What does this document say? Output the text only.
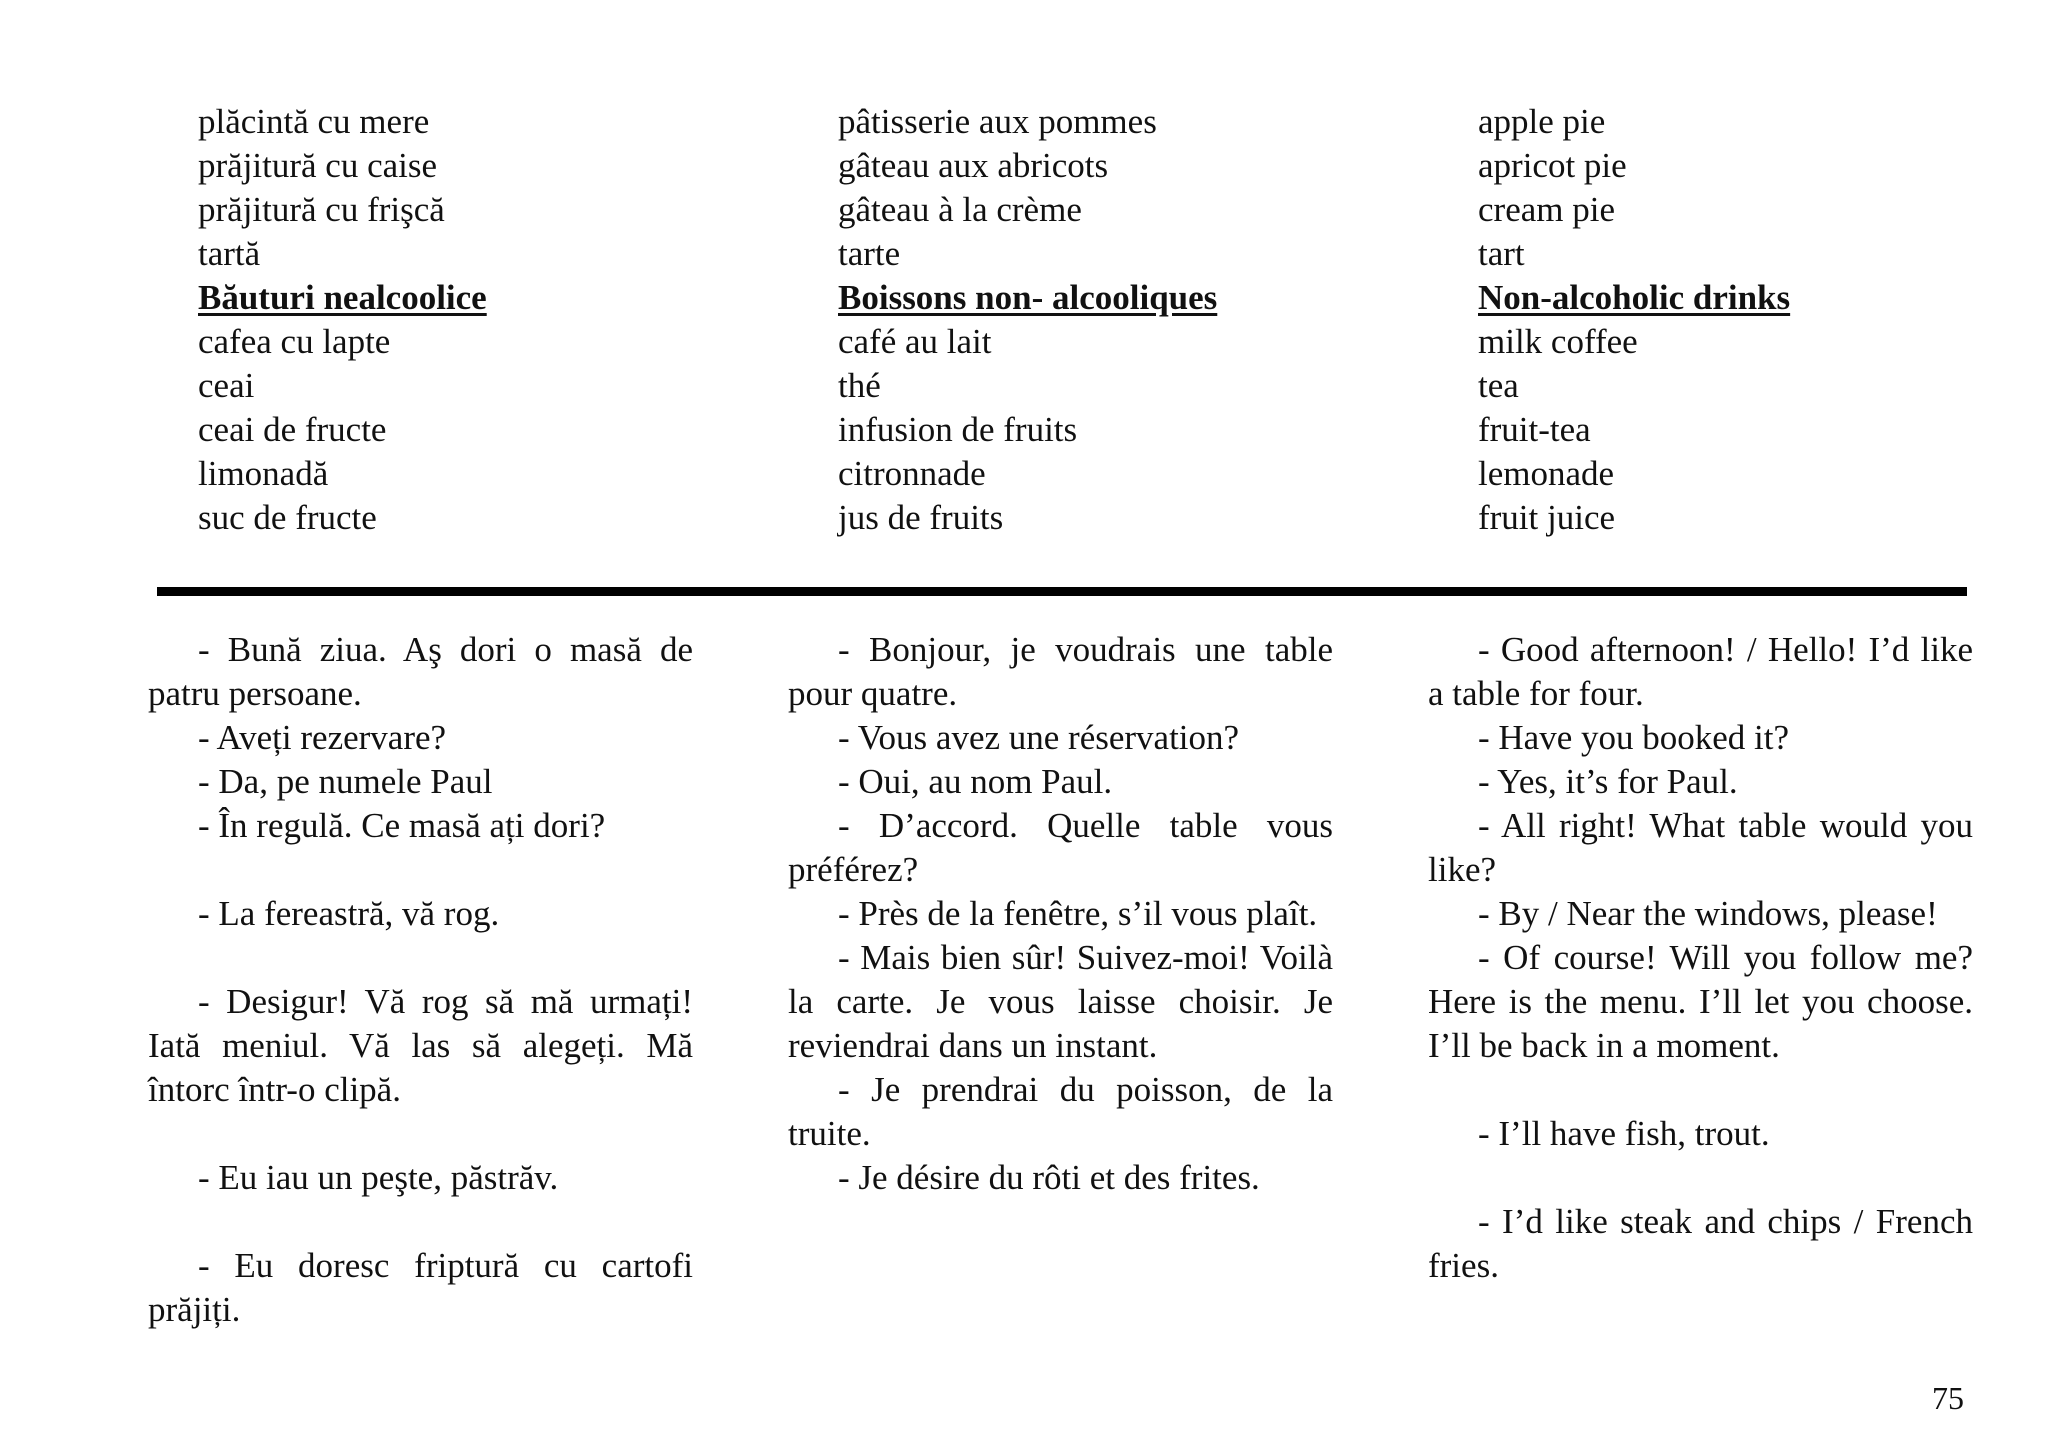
plăcintă cu mere
prăjitură cu caise
prăjitură cu frişcă
tartă
Băuturi nealcoolice
cafea cu lapte
ceai
ceai de fructe
limonadă
suc de fructe
pâtisserie aux pommes
gâteau aux abricots
gâteau à la crème
tarte
Boissons non- alcooliques
café au lait
thé
infusion de fruits
citronnade
jus de fruits
apple pie
apricot pie
cream pie
tart
Non-alcoholic drinks
milk coffee
tea
fruit-tea
lemonade
fruit juice

- Bună ziua. Aş dori o masă de patru persoane.

- Aveți rezervare?

- Da, pe numele Paul

- În regulă. Ce masă ați dori?

- La fereastră, vă rog.

- Desigur! Vă rog să mă urmați! Iată meniul. Vă las să alegeți. Mă întorc într-o clipă.

- Eu iau un peşte, păstrăv.

- Eu doresc friptură cu cartofi prăjiți.

- Bonjour, je voudrais une table pour quatre.

- Vous avez une réservation?

- Oui, au nom Paul.

- D’accord. Quelle table vous préférez?

- Près de la fenêtre, s’il vous plaît.

- Mais bien sûr! Suivez-moi! Voilà la carte. Je vous laisse choisir. Je reviendrai dans un instant.

- Je prendrai du poisson, de la truite.

- Je désire du rôti et des frites.

- Good afternoon! / Hello! I’d like a table for four.

- Have you booked it?

- Yes, it’s for Paul.

- All right! What table would you like?

- By / Near the windows, please!

- Of course! Will you follow me? Here is the menu. I’ll let you choose. I’ll be back in a moment.

- I’ll have fish, trout.

- I’d like steak and chips / French fries.

75
